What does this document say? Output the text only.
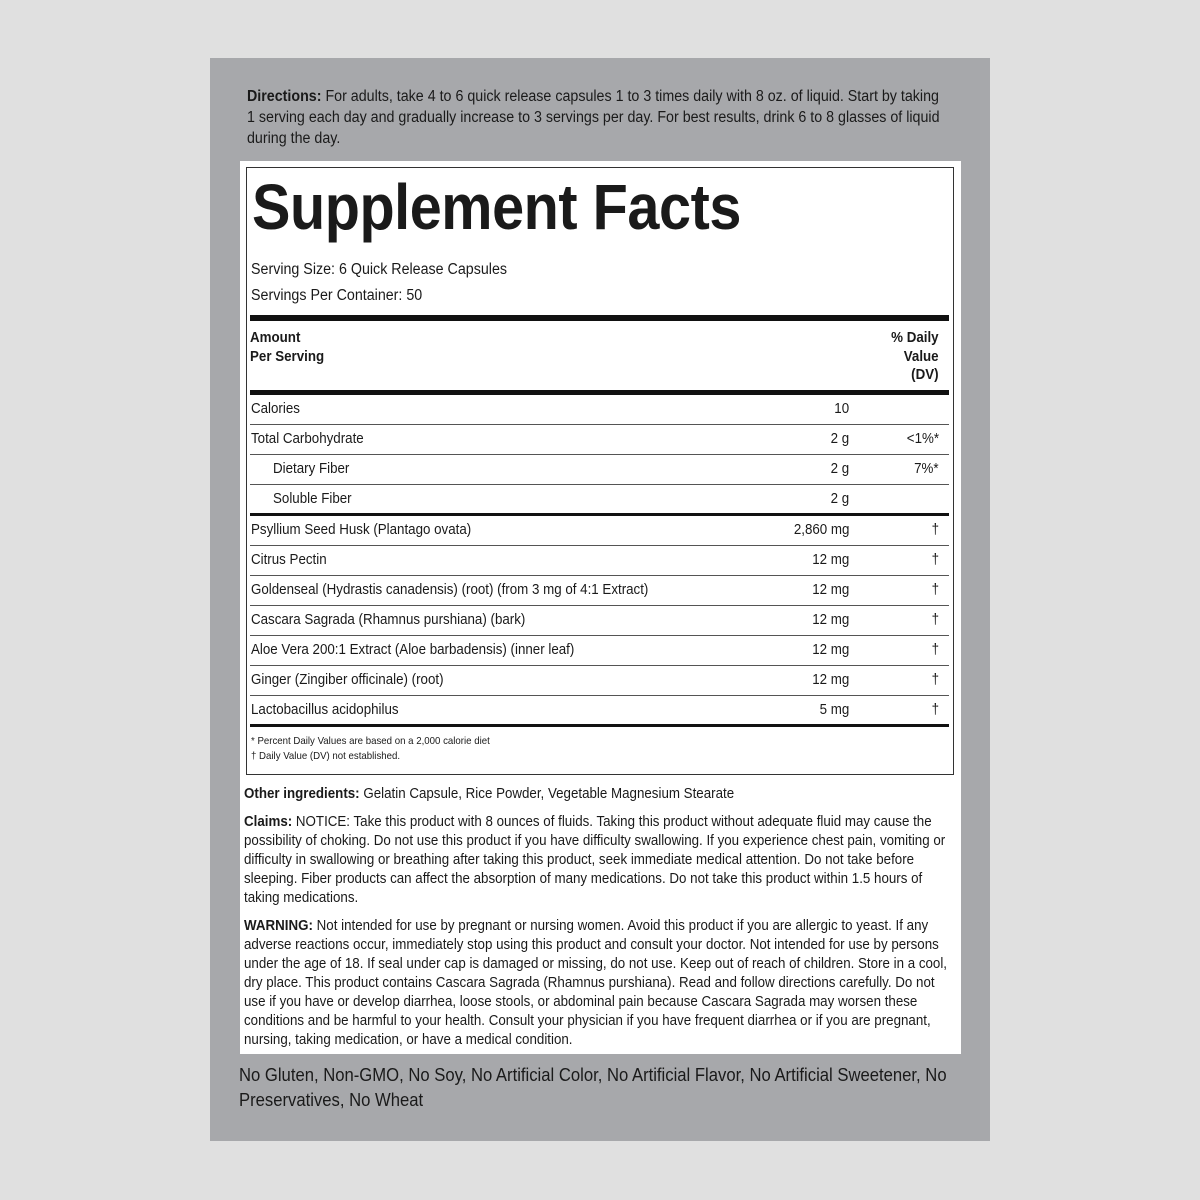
Directions: For adults, take 4 to 6 quick release capsules 1 to 3 times daily with 8 oz. of liquid. Start by taking 1 serving each day and gradually increase to 3 servings per day. For best results, drink 6 to 8 glasses of liquid during the day.
Supplement Facts
Serving Size: 6 Quick Release Capsules
Servings Per Container: 50
Amount
Per Serving
% Daily
Value
(DV)
Calories	10
Total Carbohydrate	2 g	<1%*
Dietary Fiber	2 g	7%*
Soluble Fiber	2 g
Psyllium Seed Husk (Plantago ovata)	2,860 mg	†
Citrus Pectin	12 mg	†
Goldenseal (Hydrastis canadensis) (root) (from 3 mg of 4:1 Extract)	12 mg	†
Cascara Sagrada (Rhamnus purshiana) (bark)	12 mg	†
Aloe Vera 200:1 Extract (Aloe barbadensis) (inner leaf)	12 mg	†
Ginger (Zingiber officinale) (root)	12 mg	†
Lactobacillus acidophilus	5 mg	†
* Percent Daily Values are based on a 2,000 calorie diet
† Daily Value (DV) not established.
Other ingredients: Gelatin Capsule, Rice Powder, Vegetable Magnesium Stearate
Claims: NOTICE: Take this product with 8 ounces of fluids. Taking this product without adequate fluid may cause the possibility of choking. Do not use this product if you have difficulty swallowing. If you experience chest pain, vomiting or difficulty in swallowing or breathing after taking this product, seek immediate medical attention. Do not take before sleeping. Fiber products can affect the absorption of many medications. Do not take this product within 1.5 hours of taking medications.
WARNING: Not intended for use by pregnant or nursing women. Avoid this product if you are allergic to yeast. If any adverse reactions occur, immediately stop using this product and consult your doctor. Not intended for use by persons under the age of 18. If seal under cap is damaged or missing, do not use. Keep out of reach of children. Store in a cool, dry place. This product contains Cascara Sagrada (Rhamnus purshiana). Read and follow directions carefully. Do not use if you have or develop diarrhea, loose stools, or abdominal pain because Cascara Sagrada may worsen these conditions and be harmful to your health. Consult your physician if you have frequent diarrhea or if you are pregnant, nursing, taking medication, or have a medical condition.
No Gluten, Non-GMO, No Soy, No Artificial Color, No Artificial Flavor, No Artificial Sweetener, No Preservatives, No Wheat
